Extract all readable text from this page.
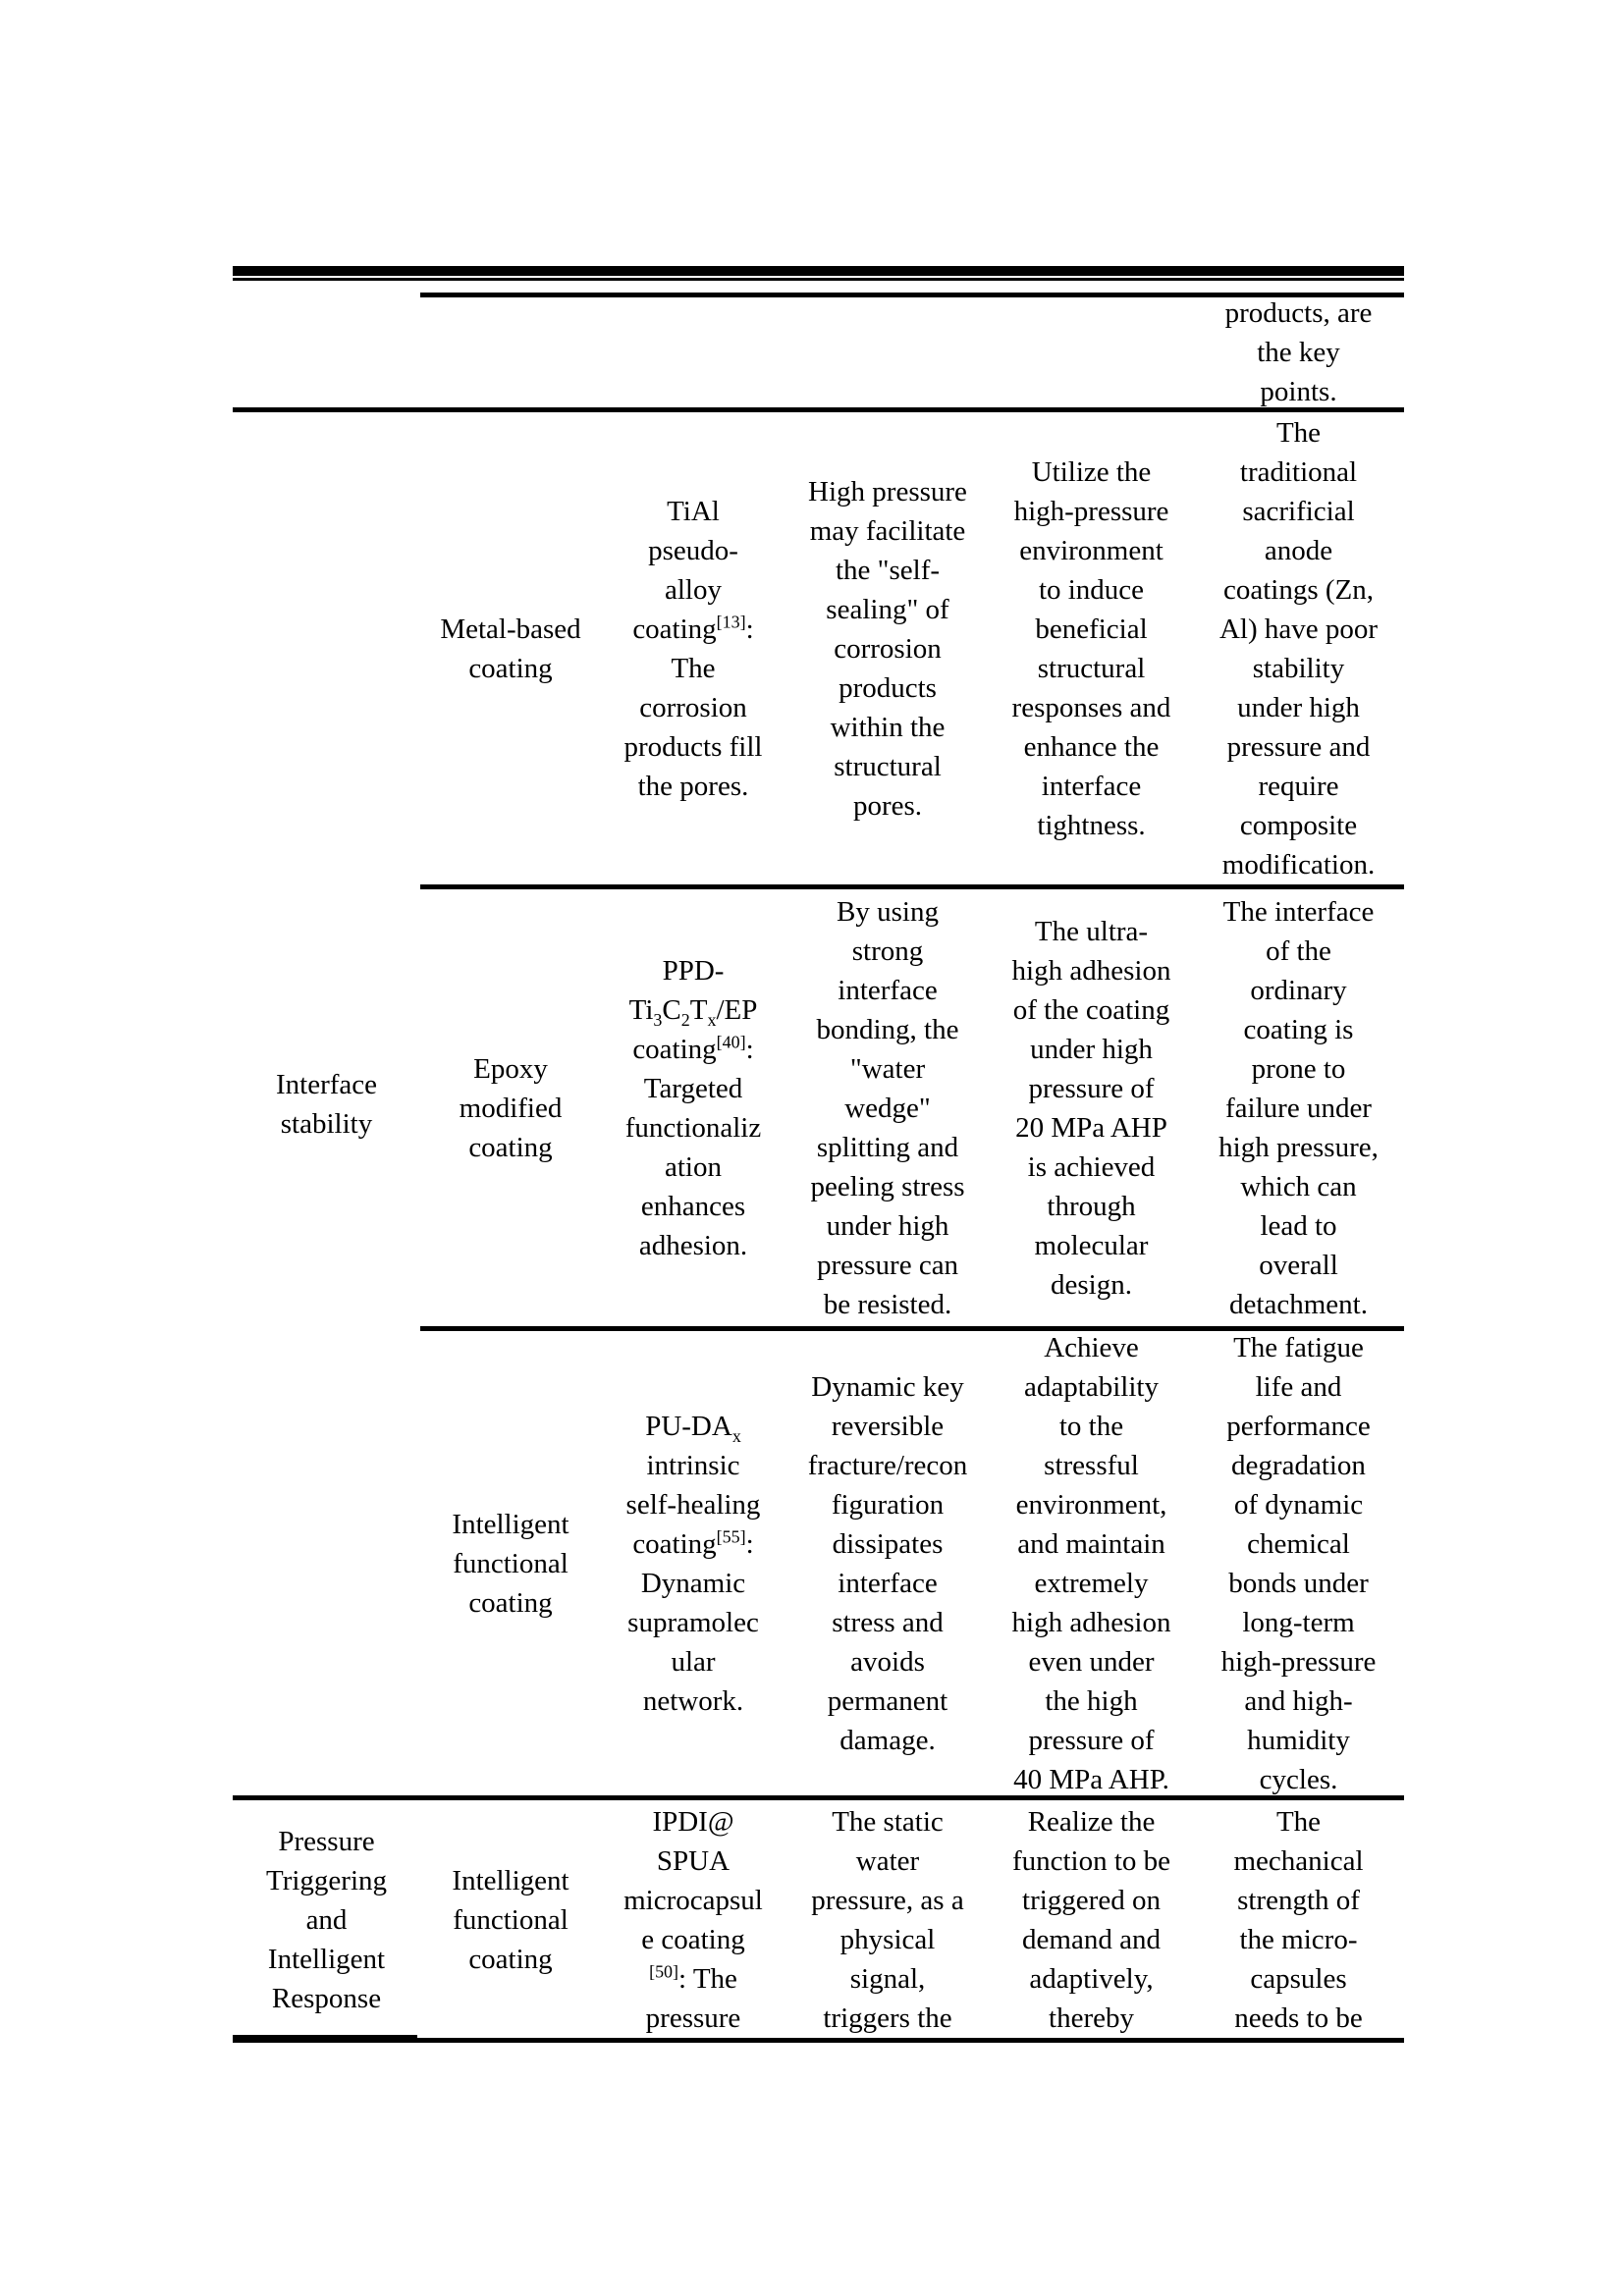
products, are
the key
points.
Interface
stability
Metal-based
coating
TiAl
pseudo-
alloy
coating[13]:
The
corrosion
products fill
the pores.
High pressure
may facilitate
the "self-
sealing" of
corrosion
products
within the
structural
pores.
Utilize the
high-pressure
environment
to induce
beneficial
structural
responses and
enhance the
interface
tightness.
The
traditional
sacrificial
anode
coatings (Zn,
Al) have poor
stability
under high
pressure and
require
composite
modification.
Epoxy
modified
coating
PPD-
$Ti_3C_2T_x/EP$
coating[40]:
Targeted
functionaliz
ation
enhances
adhesion.
By using
strong
interface
bonding, the
"water
wedge"
splitting and
peeling stress
under high
pressure can
be resisted.
The ultra-
high adhesion
of the coating
under high
pressure of
20 MPa AHP
is achieved
through
molecular
design.
The interface
of the
ordinary
coating is
prone to
failure under
high pressure,
which can
lead to
overall
detachment.
Intelligent
functional
coating
$PU-DA_x$
intrinsic
self-healing
coating[55]:
Dynamic
supramolec
ular
network.
Dynamic key
reversible
fracture/recon
figuration
dissipates
interface
stress and
avoids
permanent
damage.
Achieve
adaptability
to the
stressful
environment,
and maintain
extremely
high adhesion
even under
the high
pressure of
40 MPa AHP.
The fatigue
life and
performance
degradation
of dynamic
chemical
bonds under
long-term
high-pressure
and high-
humidity
cycles.
Pressure
Triggering
and
Intelligent
Response
Intelligent
functional
coating
IPDI@
SPUA
microcapsul
e coating
[50]: The
pressure
The static
water
pressure, as a
physical
signal,
triggers the
Realize the
function to be
triggered on
demand and
adaptively,
thereby
The
mechanical
strength of
the micro-
capsules
needs to be
